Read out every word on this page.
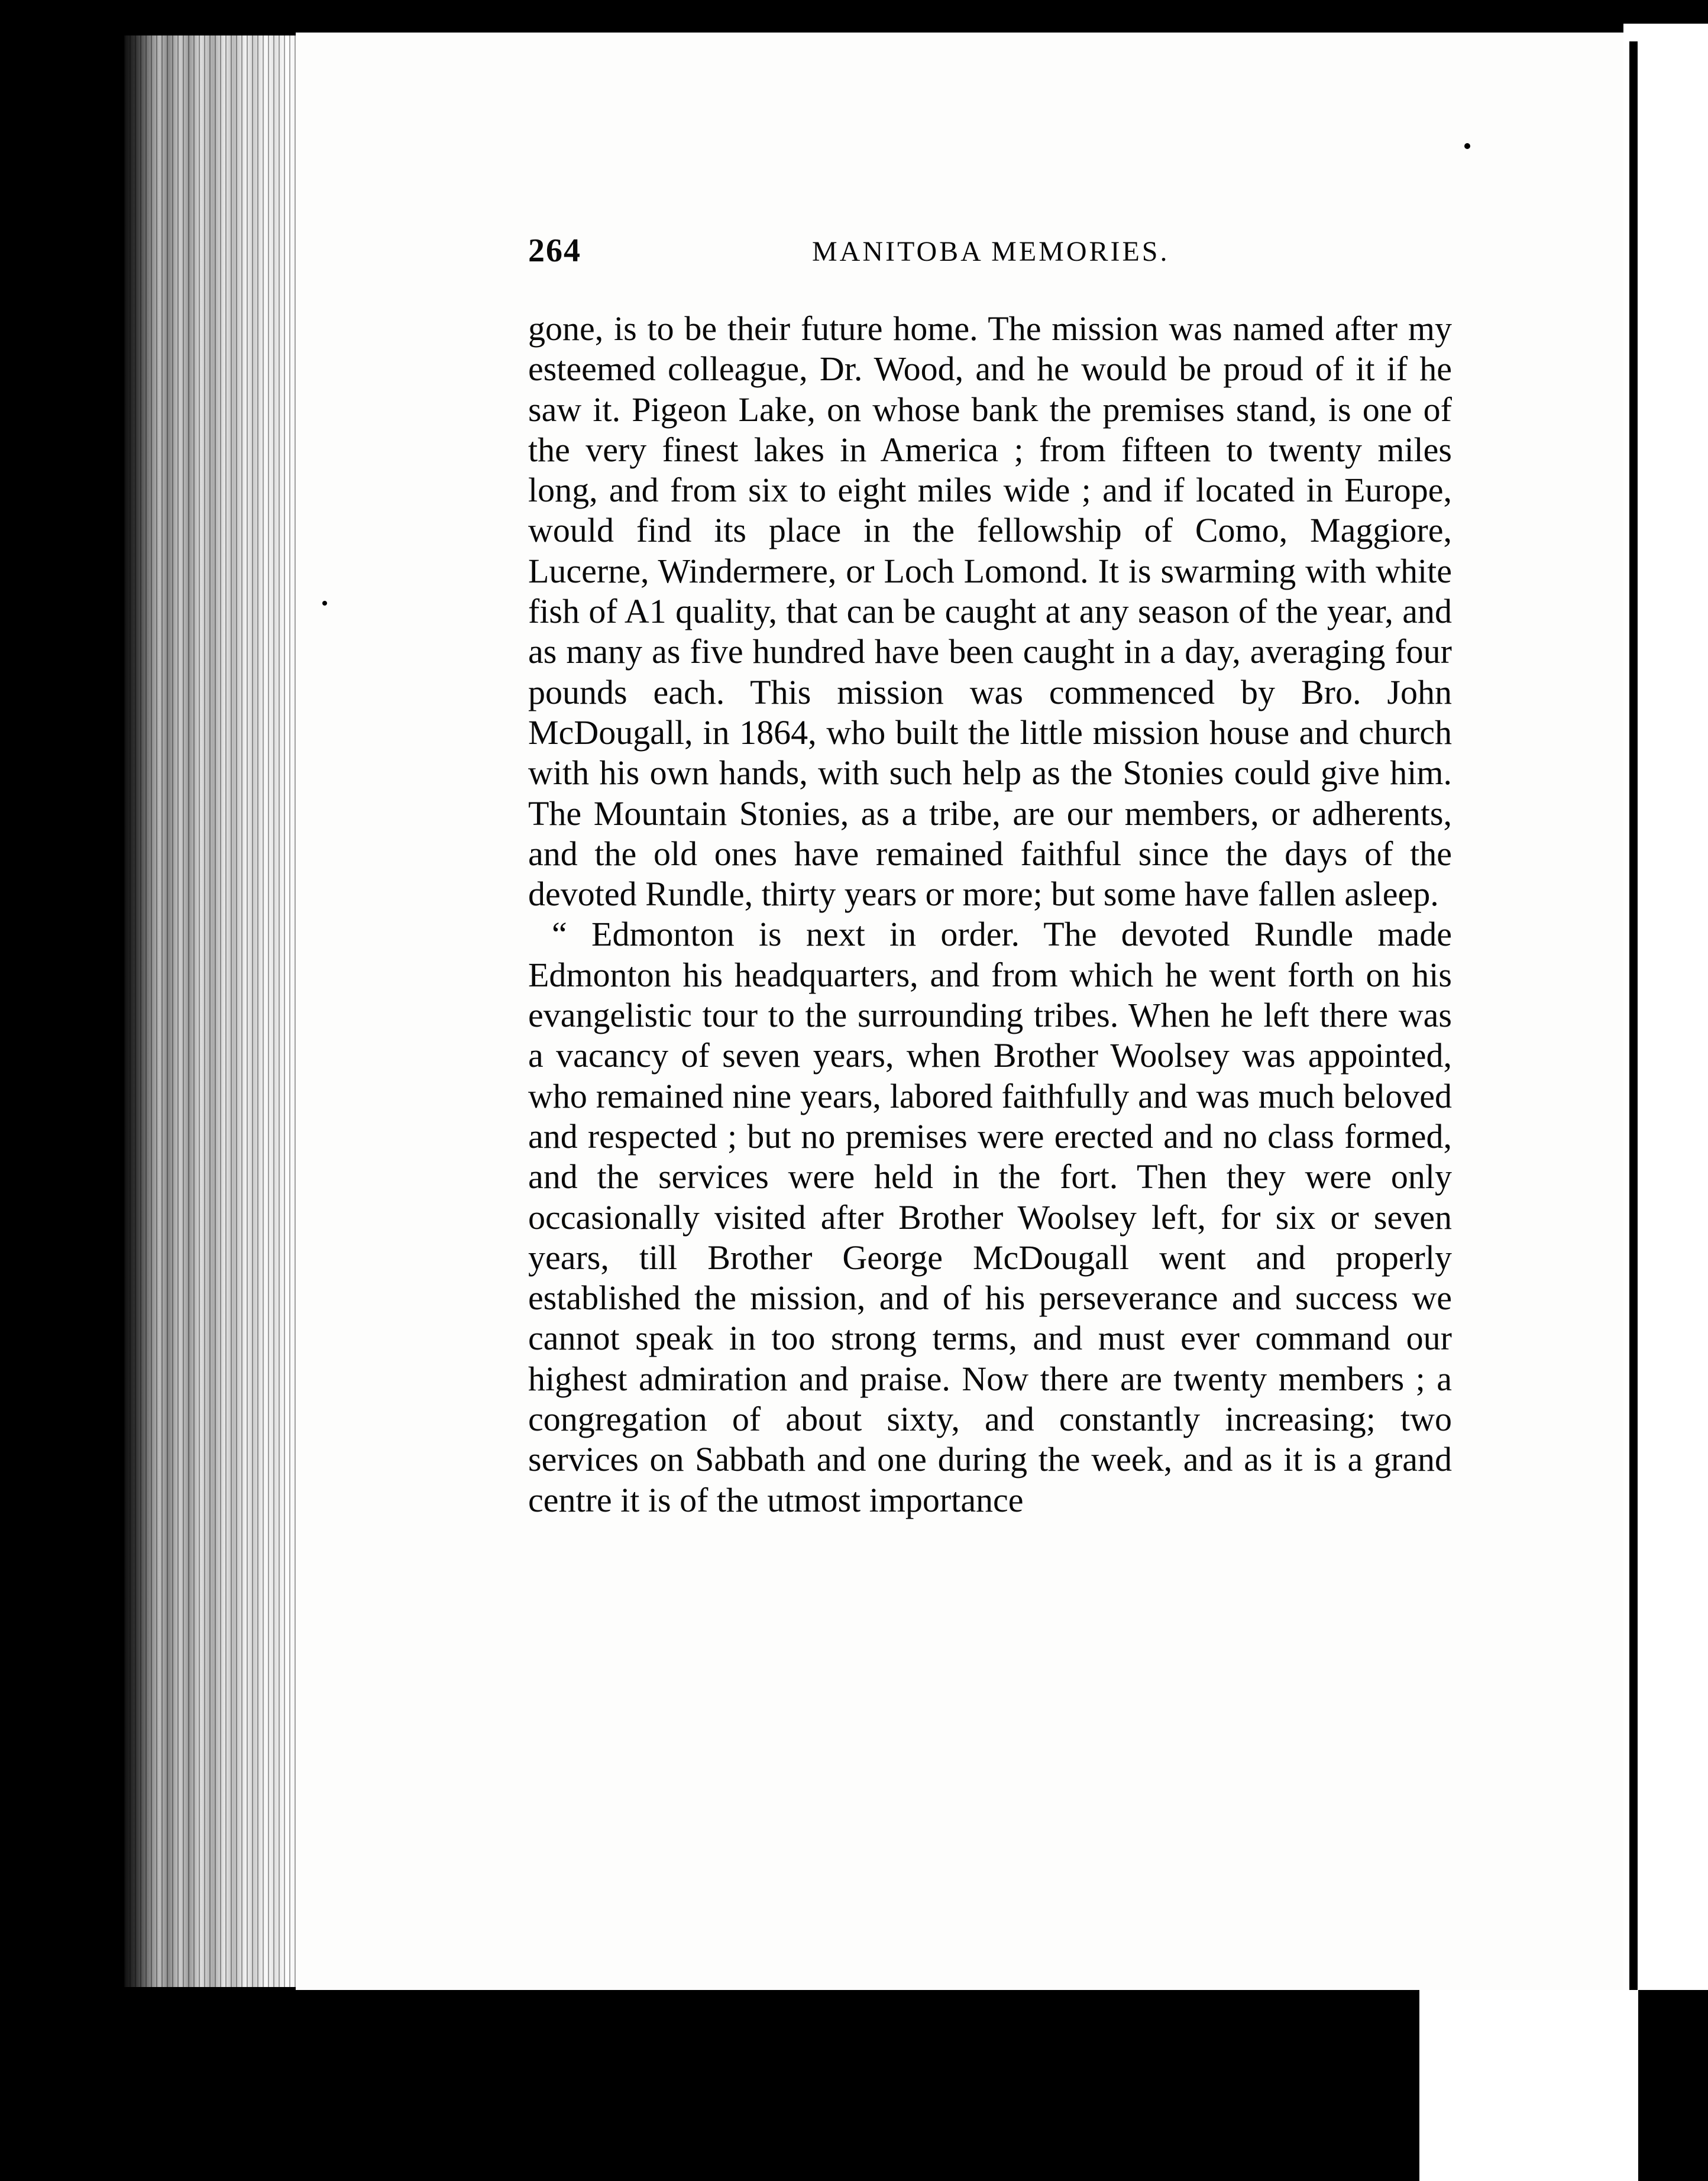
264	MANITOBA MEMORIES.

gone, is to be their future home. The mission was named after my esteemed colleague, Dr. Wood, and he would be proud of it if he saw it. Pigeon Lake, on whose bank the premises stand, is one of the very finest lakes in America ; from fifteen to twenty miles long, and from six to eight miles wide ; and if located in Europe, would find its place in the fellowship of Como, Maggiore, Lucerne, Windermere, or Loch Lomond. It is swarming with white fish of A1 quality, that can be caught at any season of the year, and as many as five hundred have been caught in a day, averaging four pounds each. This mission was commenced by Bro. John McDougall, in 1864, who built the little mission house and church with his own hands, with such help as the Stonies could give him. The Mountain Stonies, as a tribe, are our members, or adherents, and the old ones have remained faithful since the days of the devoted Rundle, thirty years or more; but some have fallen asleep.

“ Edmonton is next in order. The devoted Rundle made Edmonton his headquarters, and from which he went forth on his evangelistic tour to the surrounding tribes. When he left there was a vacancy of seven years, when Brother Woolsey was appointed, who remained nine years, labored faithfully and was much beloved and respected ; but no premises were erected and no class formed, and the services were held in the fort. Then they were only occasionally visited after Brother Woolsey left, for six or seven years, till Brother George McDougall went and properly established the mission, and of his perseverance and success we cannot speak in too strong terms, and must ever command our highest admiration and praise. Now there are twenty members ; a congregation of about sixty, and constantly increasing; two services on Sabbath and one during the week, and as it is a grand centre it is of the utmost importance
